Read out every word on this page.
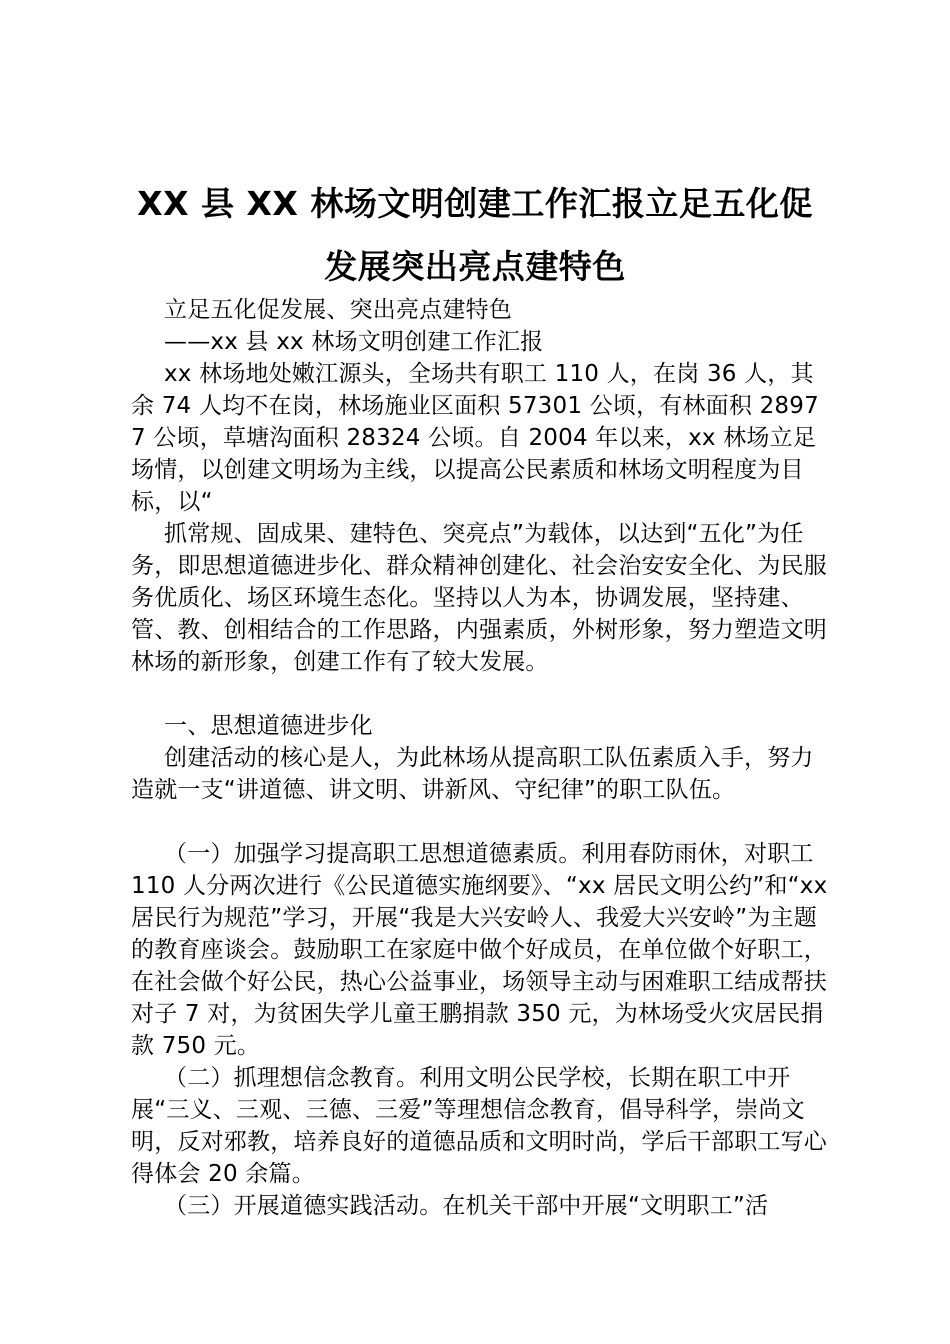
XX 县 XX 林场文明创建工作汇报立足五化促
发展突出亮点建特色

立足五化促发展、突出亮点建特色

——xx 县 xx 林场文明创建工作汇报

xx 林场地处嫩江源头，全场共有职工 110 人，在岗 36 人，其余 74 人均不在岗，林场施业区面积 57301 公顷，有林面积 28977 公顷，草塘沟面积 28324 公顷。自 2004 年以来，xx 林场立足场情，以创建文明场为主线，以提高公民素质和林场文明程度为目标，以“

抓常规、固成果、建特色、突亮点”为载体，以达到“五化”为任务，即思想道德进步化、群众精神创建化、社会治安安全化、为民服务优质化、场区环境生态化。坚持以人为本，协调发展，坚持建、管、教、创相结合的工作思路，内强素质，外树形象，努力塑造文明林场的新形象，创建工作有了较大发展。

一、思想道德进步化

创建活动的核心是人，为此林场从提高职工队伍素质入手，努力造就一支“讲道德、讲文明、讲新风、守纪律”的职工队伍。

（一）加强学习提高职工思想道德素质。利用春防雨休，对职工 110 人分两次进行《公民道德实施纲要》、“xx 居民文明公约”和“xx 居民行为规范”学习，开展“我是大兴安岭人、我爱大兴安岭”为主题的教育座谈会。鼓励职工在家庭中做个好成员，在单位做个好职工，在社会做个好公民，热心公益事业，场领导主动与困难职工结成帮扶对子 7 对，为贫困失学儿童王鹏捐款 350 元，为林场受火灾居民捐款 750 元。

（二）抓理想信念教育。利用文明公民学校，长期在职工中开展“三义、三观、三德、三爱”等理想信念教育，倡导科学，崇尚文明，反对邪教，培养良好的道德品质和文明时尚，学后干部职工写心得体会 20 余篇。

（三）开展道德实践活动。在机关干部中开展“文明职工”活
